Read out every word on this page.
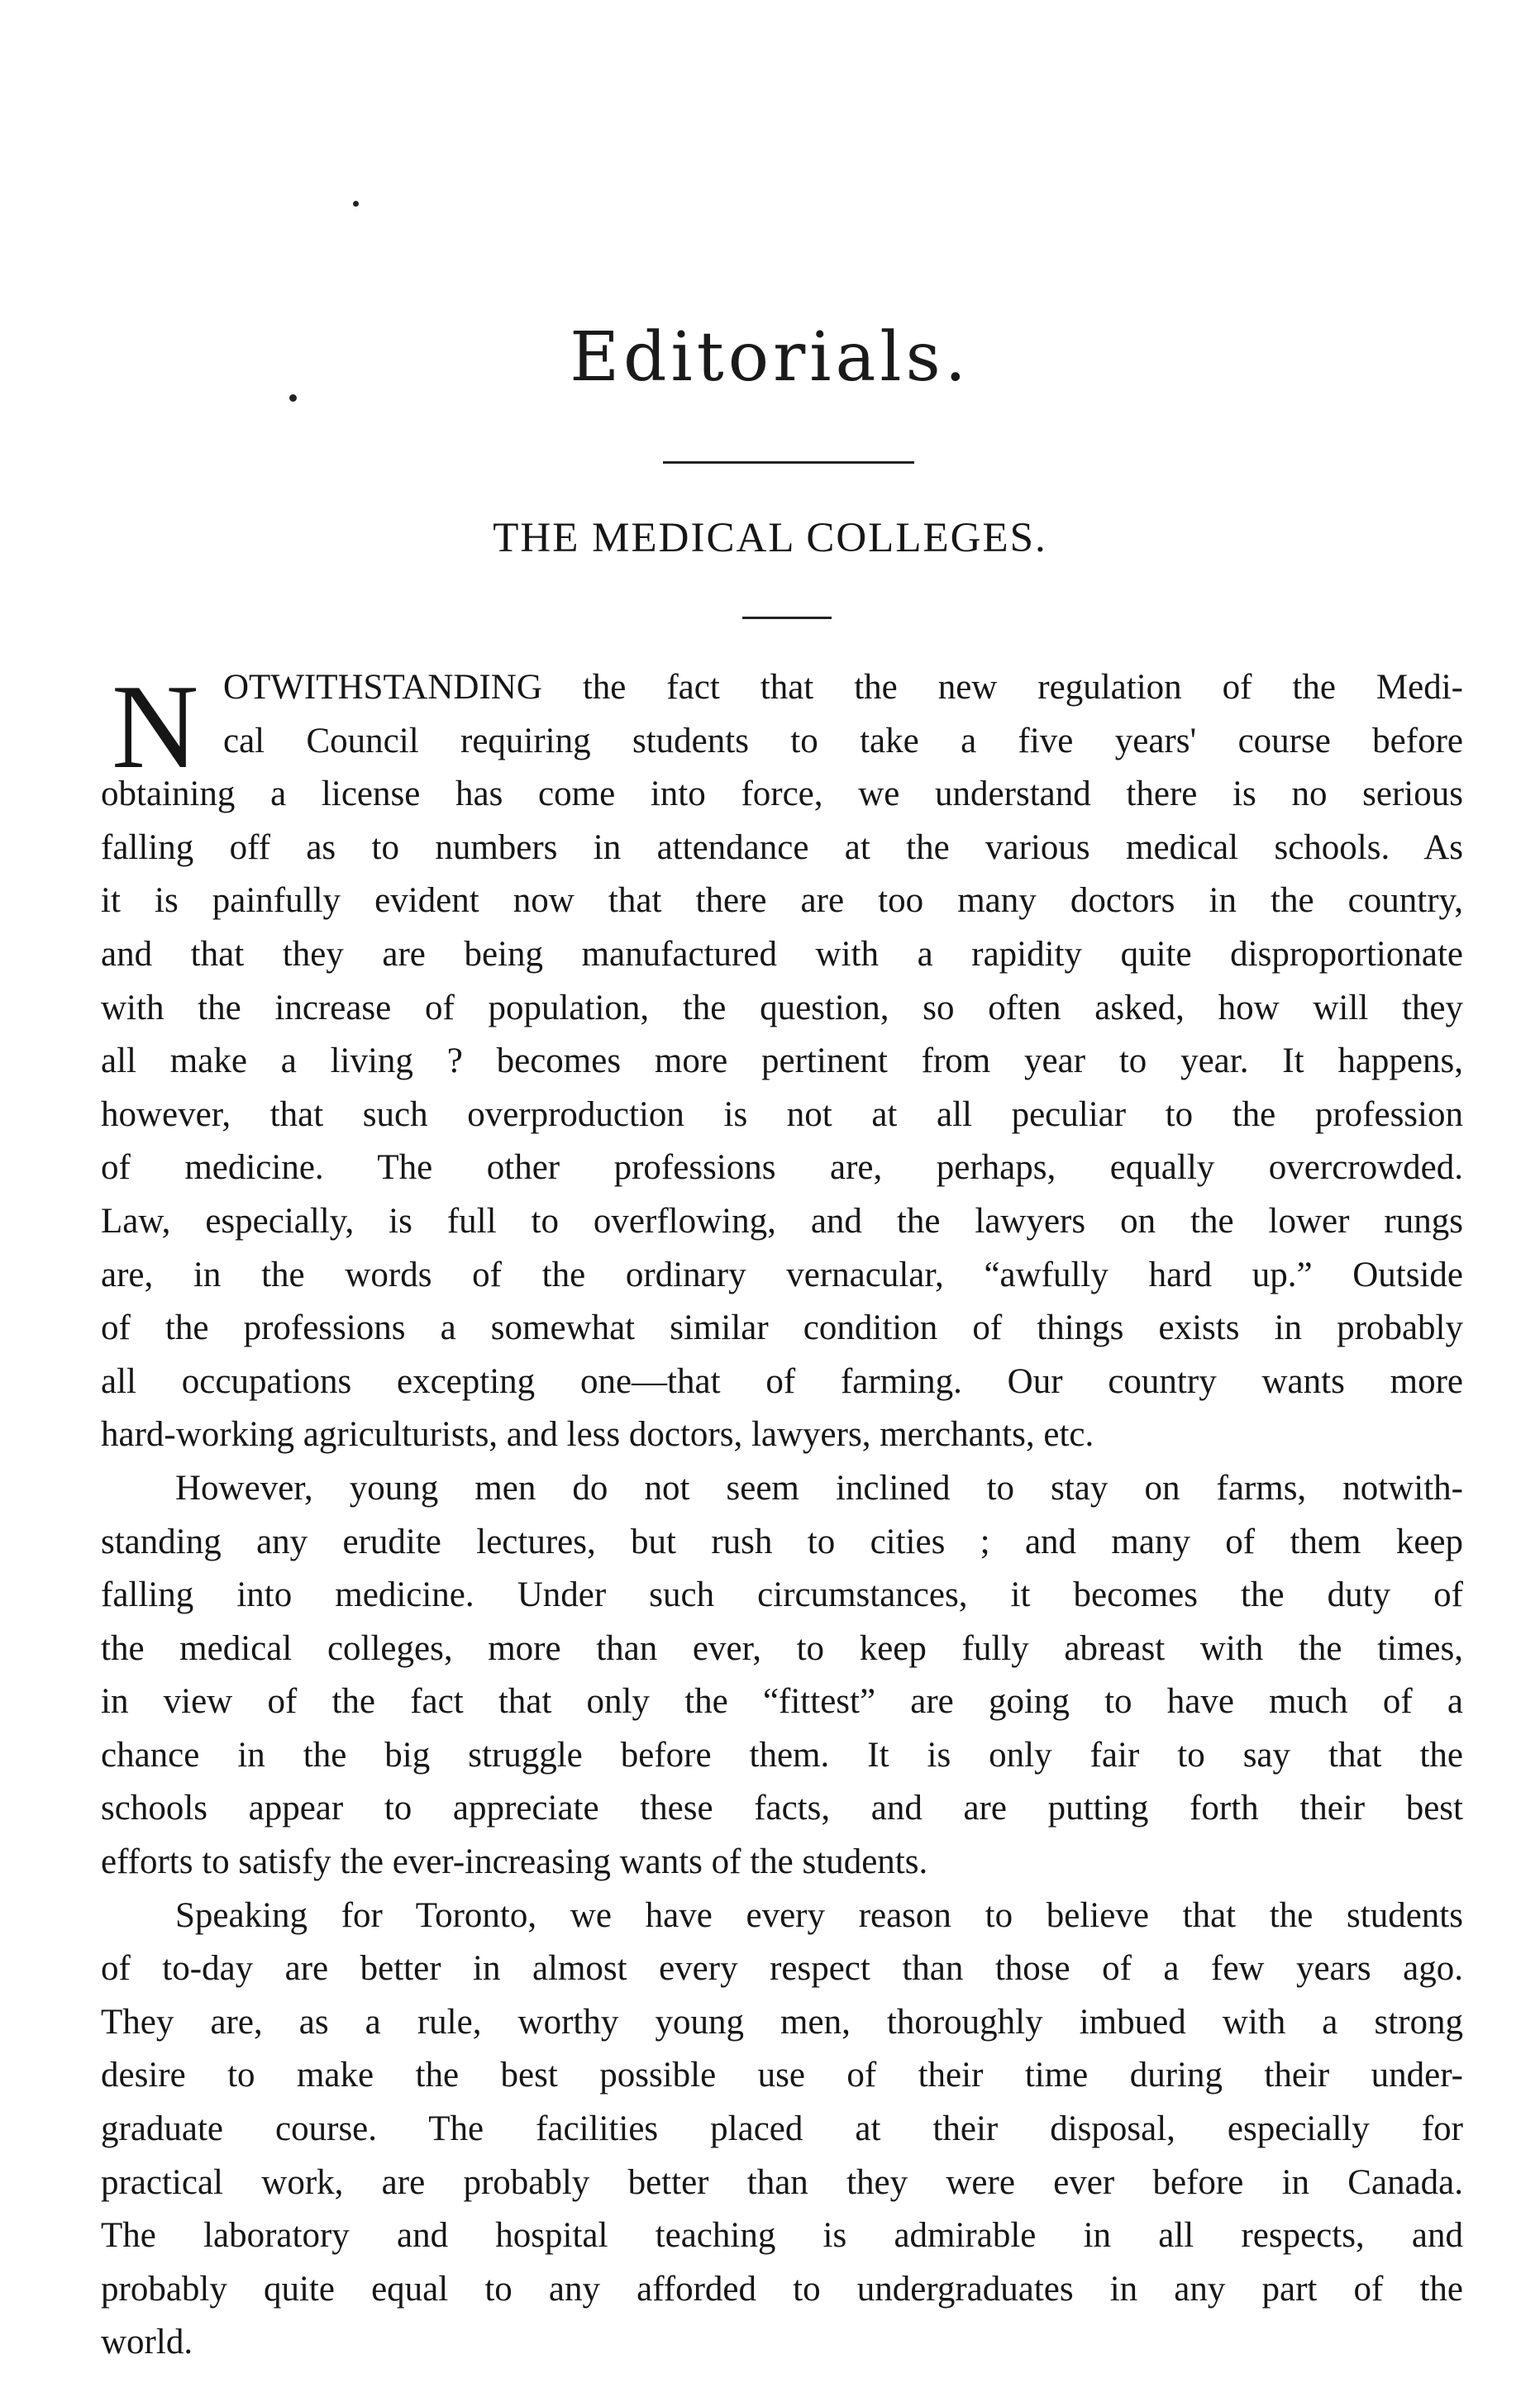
Editorials.
THE MEDICAL COLLEGES.
N OTWITHSTANDING the fact that the new regulation of the Medi-
cal Council requiring students to take a five years' course before
obtaining a license has come into force, we understand there is no serious
falling off as to numbers in attendance at the various medical schools. As
it is painfully evident now that there are too many doctors in the country,
and that they are being manufactured with a rapidity quite disproportionate
with the increase of population, the question, so often asked, how will they
all make a living ? becomes more pertinent from year to year. It happens,
however, that such overproduction is not at all peculiar to the profession
of medicine. The other professions are, perhaps, equally overcrowded.
Law, especially, is full to overflowing, and the lawyers on the lower rungs
are, in the words of the ordinary vernacular, “awfully hard up.” Outside
of the professions a somewhat similar condition of things exists in probably
all occupations excepting one—that of farming. Our country wants more
hard-working agriculturists, and less doctors, lawyers, merchants, etc.
However, young men do not seem inclined to stay on farms, notwith-
standing any erudite lectures, but rush to cities ; and many of them keep
falling into medicine. Under such circumstances, it becomes the duty of
the medical colleges, more than ever, to keep fully abreast with the times,
in view of the fact that only the “fittest” are going to have much of a
chance in the big struggle before them. It is only fair to say that the
schools appear to appreciate these facts, and are putting forth their best
efforts to satisfy the ever-increasing wants of the students.
Speaking for Toronto, we have every reason to believe that the students
of to-day are better in almost every respect than those of a few years ago.
They are, as a rule, worthy young men, thoroughly imbued with a strong
desire to make the best possible use of their time during their under-
graduate course. The facilities placed at their disposal, especially for
practical work, are probably better than they were ever before in Canada.
The laboratory and hospital teaching is admirable in all respects, and
probably quite equal to any afforded to undergraduates in any part of the
world.
